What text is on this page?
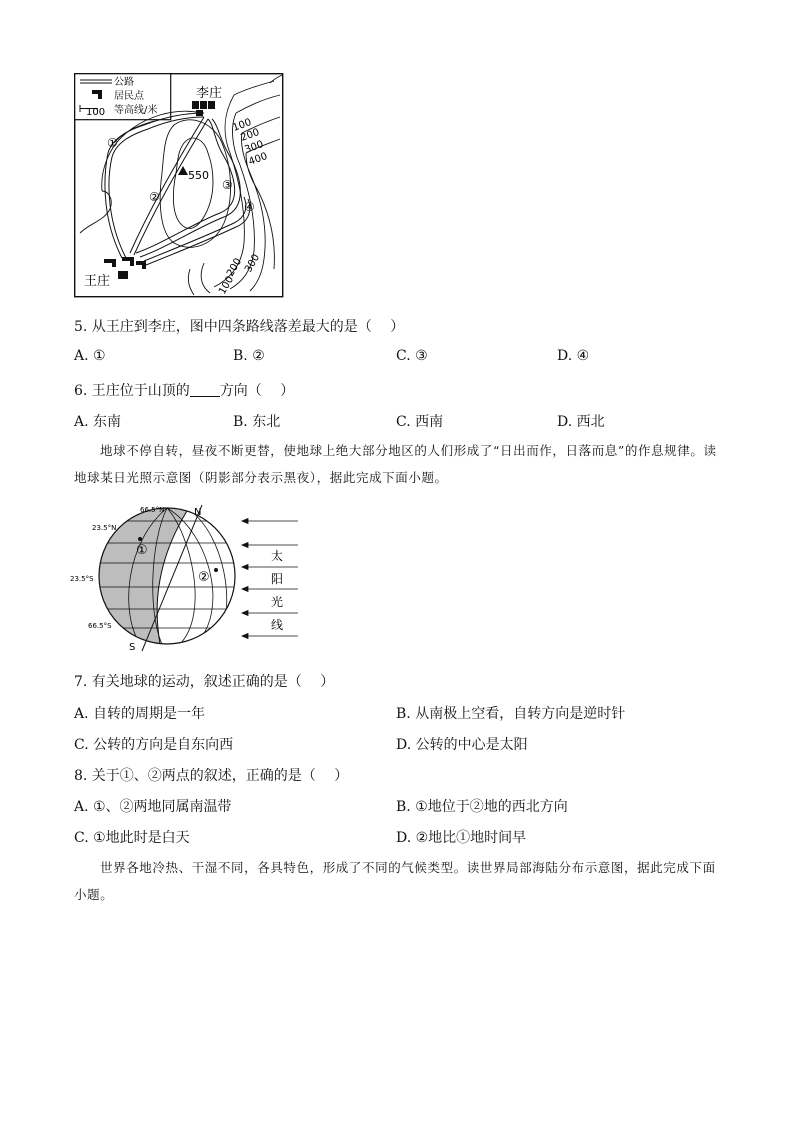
公路
居民点
100 等高线/米
李庄
王庄
550
①
②
③
④
100
200
300
400
200
300
100
5. 从王庄到李庄，图中四条路线落差最大的是（　 ）
A. ①	B. ②	C. ③	D. ④
6. 王庄位于山顶的 方向（　 ）
A. 东南	B. 东北	C. 西南	D. 西北
地球不停自转，昼夜不断更替，使地球上绝大部分地区的人们形成了“日出而作，日落而息”的作息规律。读地球某日光照示意图（阴影部分表示黑夜），据此完成下面小题。
N
S
66.5°N
23.5°N
23.5°S
66.5°S
①
②
太
阳
光
线
7. 有关地球的运动，叙述正确的是（　 ）
A. 自转的周期是一年	B. 从南极上空看，自转方向是逆时针
C. 公转的方向是自东向西	D. 公转的中心是太阳
8. 关于①、②两点的叙述，正确的是（　 ）
A. ①、②两地同属南温带	B. ①地位于②地的西北方向
C. ①地此时是白天	D. ②地比①地时间早
世界各地冷热、干湿不同，各具特色，形成了不同的气候类型。读世界局部海陆分布示意图，据此完成下面小题。
